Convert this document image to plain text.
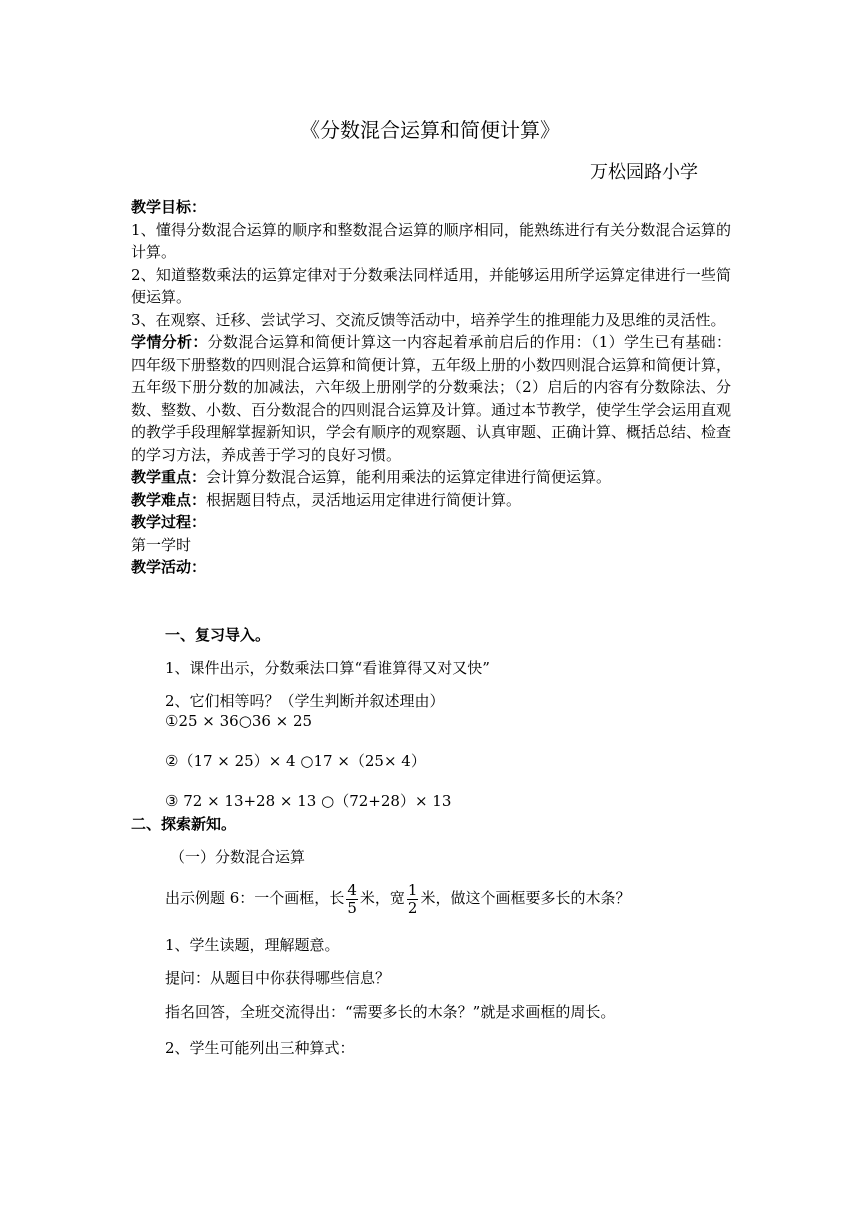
《分数混合运算和简便计算》
万松园路小学
教学目标：
1、懂得分数混合运算的顺序和整数混合运算的顺序相同，能熟练进行有关分数混合运算的计算。
2、知道整数乘法的运算定律对于分数乘法同样适用，并能够运用所学运算定律进行一些简便运算。
3、在观察、迁移、尝试学习、交流反馈等活动中，培养学生的推理能力及思维的灵活性。
学情分析：分数混合运算和简便计算这一内容起着承前启后的作用：（1）学生已有基础：四年级下册整数的四则混合运算和简便计算，五年级上册的小数四则混合运算和简便计算，五年级下册分数的加减法，六年级上册刚学的分数乘法；（2）启后的内容有分数除法、分数、整数、小数、百分数混合的四则混合运算及计算。通过本节教学，使学生学会运用直观的教学手段理解掌握新知识，学会有顺序的观察题、认真审题、正确计算、概括总结、检查的学习方法，养成善于学习的良好习惯。
教学重点：会计算分数混合运算，能利用乘法的运算定律进行简便运算。
教学难点：根据题目特点，灵活地运用定律进行简便计算。
教学过程：
第一学时
教学活动：
一、复习导入。
1、课件出示，分数乘法口算“看谁算得又对又快”
2、它们相等吗？（学生判断并叙述理由）
①25 × 36○36 × 25
②（17 × 25）× 4 ○17 ×（25× 4）
③ 72 × 13+28 × 13 ○（72+28）× 13
二、探索新知。
（一）分数混合运算
出示例题 6：一个画框，长 $\frac{4}{5}$ 米，宽 $\frac{1}{2}$ 米，做这个画框要多长的木条？
1、学生读题，理解题意。
提问：从题目中你获得哪些信息？
指名回答，全班交流得出：“需要多长的木条？”就是求画框的周长。
2、学生可能列出三种算式：
